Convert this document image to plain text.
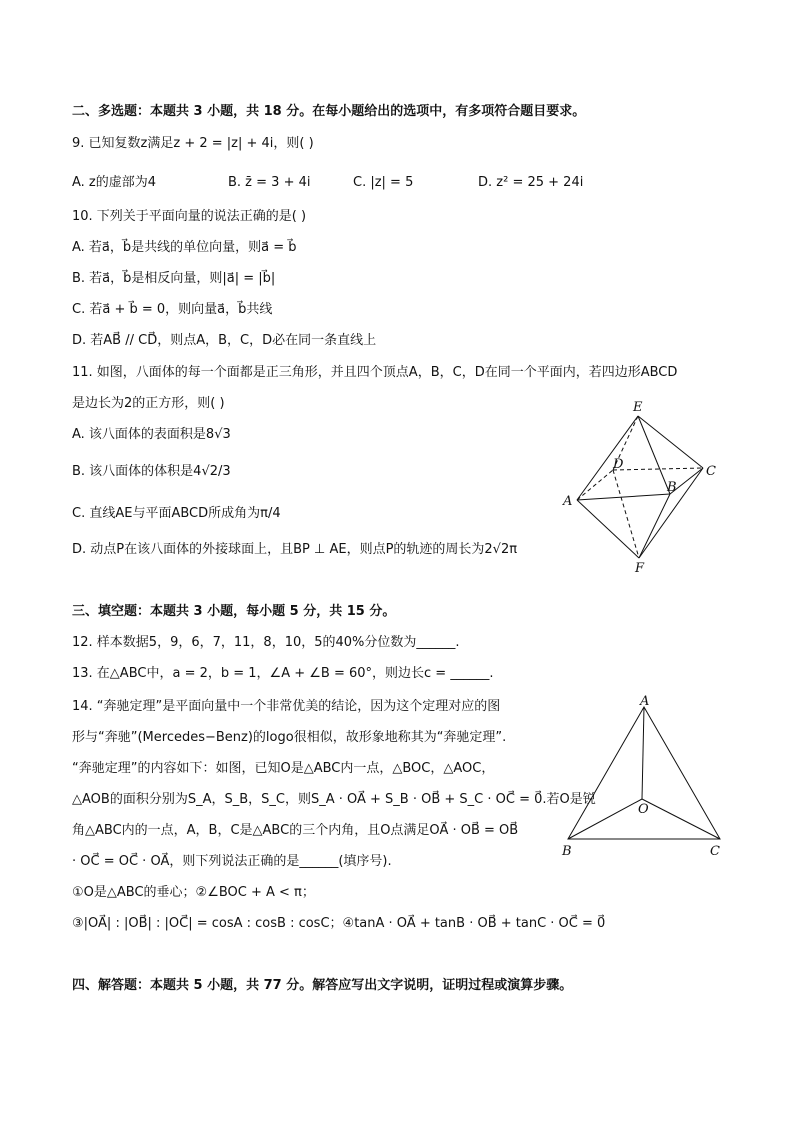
二、多选题：本题共 3 小题，共 18 分。在每小题给出的选项中，有多项符合题目要求。
9. 已知复数z满足z + 2 = |z| + 4i，则( )
A. z的虚部为4	B. z̄ = 3 + 4i	C. |z| = 5	D. z² = 25 + 24i
10. 下列关于平面向量的说法正确的是( )
A. 若a⃗，b⃗是共线的单位向量，则a⃗ = b⃗
B. 若a⃗，b⃗是相反向量，则|a⃗| = |b⃗|
C. 若a⃗ + b⃗ = 0，则向量a⃗，b⃗共线
D. 若AB⃗ // CD⃗，则点A，B，C，D必在同一条直线上
11. 如图，八面体的每一个面都是正三角形，并且四个顶点A，B，C，D在同一个平面内，若四边形ABCD
是边长为2的正方形，则( )
A. 该八面体的表面积是8√3
B. 该八面体的体积是4√2/3
C. 直线AE与平面ABCD所成角为π/4
D. 动点P在该八面体的外接球面上，且BP ⊥ AE，则点P的轨迹的周长为2√2π
E
D	C
B
A
F
三、填空题：本题共 3 小题，每小题 5 分，共 15 分。
12. 样本数据5，9，6，7，11，8，10，5的40%分位数为______.
13. 在△ABC中，a = 2，b = 1，∠A + ∠B = 60°，则边长c = ______.
14. “奔驰定理”是平面向量中一个非常优美的结论，因为这个定理对应的图
形与“奔驰”(Mercedes−Benz)的logo很相似，故形象地称其为“奔驰定理”.
“奔驰定理”的内容如下：如图，已知O是△ABC内一点，△BOC，△AOC，
△AOB的面积分别为S_A，S_B，S_C，则S_A · OA⃗ + S_B · OB⃗ + S_C · OC⃗ = 0⃗.若O是锐
角△ABC内的一点，A，B，C是△ABC的三个内角，且O点满足OA⃗ · OB⃗ = OB⃗
· OC⃗ = OC⃗ · OA⃗，则下列说法正确的是______(填序号).
①O是△ABC的垂心；②∠BOC + A < π；
③|OA⃗| : |OB⃗| : |OC⃗| = cosA : cosB : cosC；④tanA · OA⃗ + tanB · OB⃗ + tanC · OC⃗ = 0⃗
A
O
B	C
四、解答题：本题共 5 小题，共 77 分。解答应写出文字说明，证明过程或演算步骤。
